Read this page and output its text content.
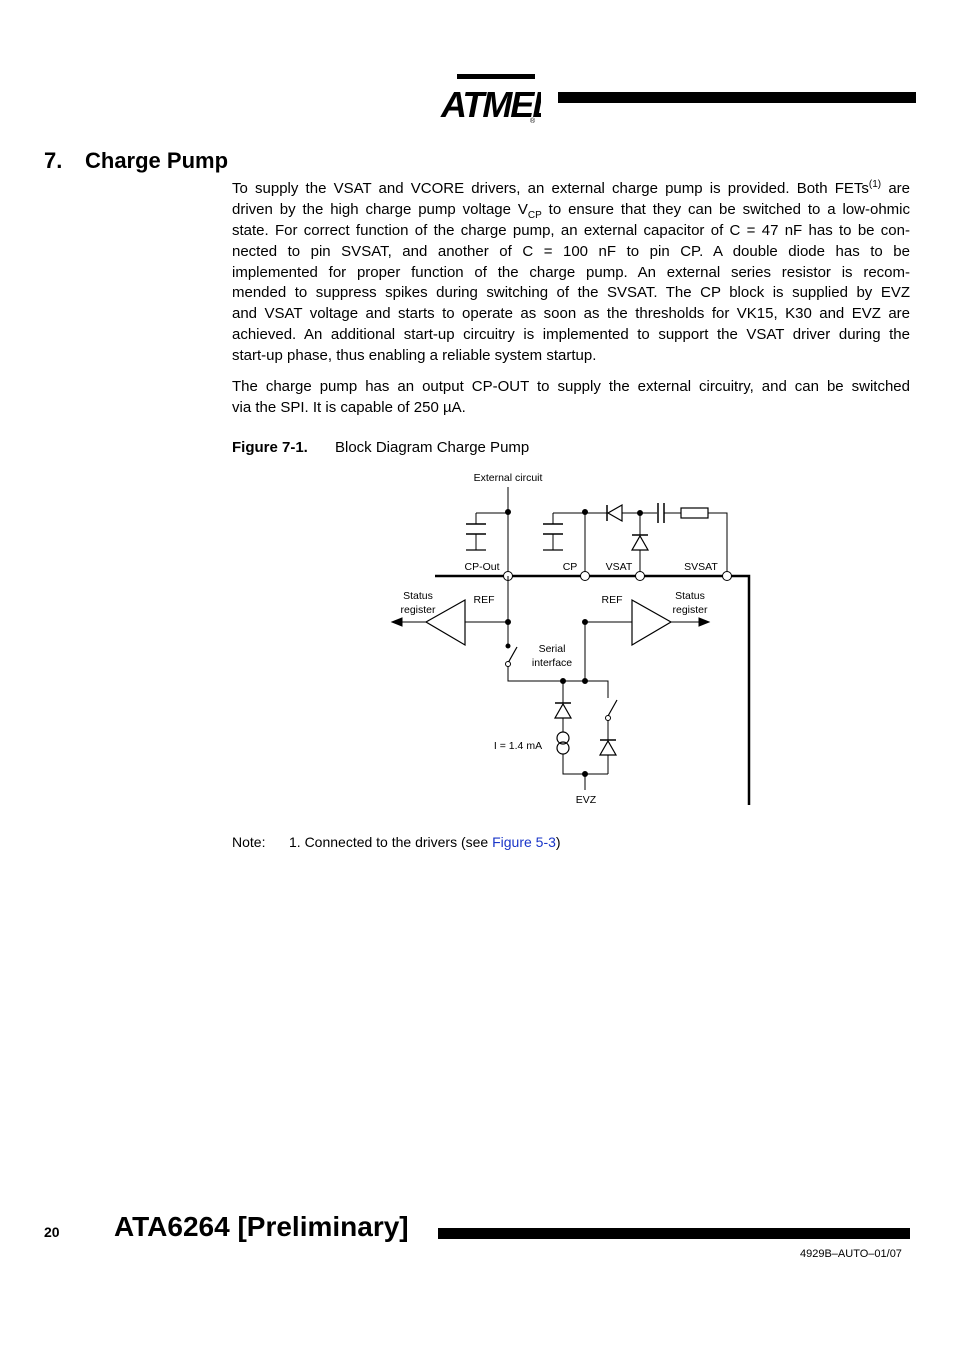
ATME
®
7. Charge Pump
To supply the VSAT and VCORE drivers, an external charge pump is provided. Both FETs$^{(1)}$ are
driven by the high charge pump voltage $V_{CP}$ to ensure that they can be switched to a low-ohmic
state. For correct function of the charge pump, an external capacitor of C = 47 nF has to be con-
nected to pin SVSAT, and another of C = 100 nF to pin CP. A double diode has to be
implemented for proper function of the charge pump. An external series resistor is recom-
mended to suppress spikes during switching of the SVSAT. The CP block is supplied by EVZ
and VSAT voltage and starts to operate as soon as the thresholds for VK15, K30 and EVZ are
achieved. An additional start-up circuitry is implemented to support the VSAT driver during the
start-up phase, thus enabling a reliable system startup.
The charge pump has an output CP-OUT to supply the external circuitry, and can be switched
via the SPI. It is capable of 250 µA.
Figure 7-1. Block Diagram Charge Pump
External circuit
CP-Out	CP	VSAT	SVSAT
Status
register
REF	REF	Status
register
Serial
interface
I = 1.4 mA
EVZ
Note: 1. Connected to the drivers (see Figure 5-3)
20 ATA6264 [Preliminary]
4929B–AUTO–01/07
